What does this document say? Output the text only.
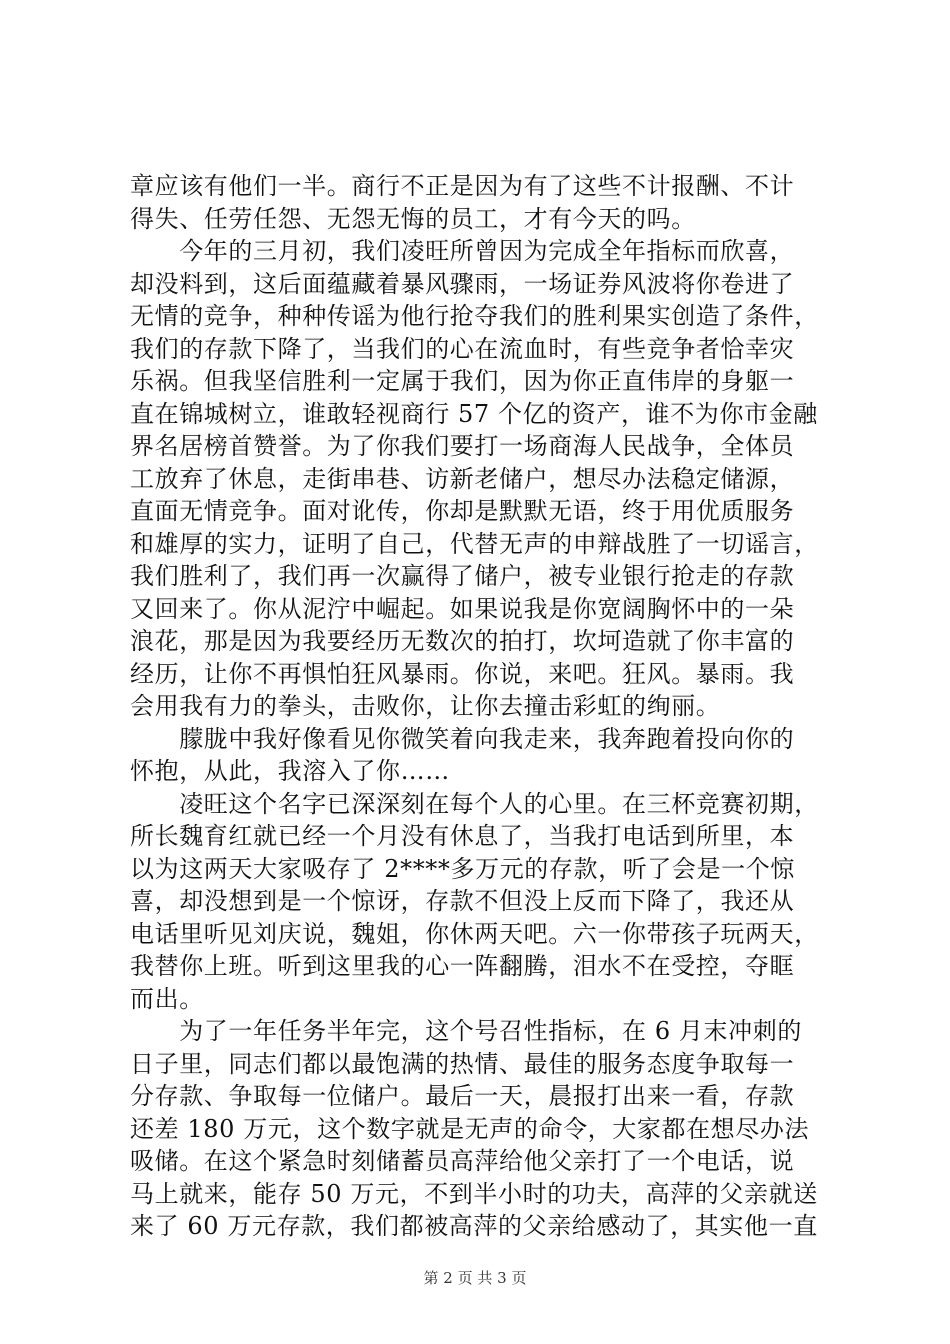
章应该有他们一半。商行不正是因为有了这些不计报酬、不计
得失、任劳任怨、无怨无悔的员工，才有今天的吗。
　　今年的三月初，我们凌旺所曾因为完成全年指标而欣喜，
却没料到，这后面蕴藏着暴风骤雨，一场证券风波将你卷进了
无情的竞争，种种传谣为他行抢夺我们的胜利果实创造了条件，
我们的存款下降了，当我们的心在流血时，有些竞争者恰幸灾
乐祸。但我坚信胜利一定属于我们，因为你正直伟岸的身躯一
直在锦城树立，谁敢轻视商行 57 个亿的资产，谁不为你市金融
界名居榜首赞誉。为了你我们要打一场商海人民战争，全体员
工放弃了休息，走街串巷、访新老储户，想尽办法稳定储源，
直面无情竞争。面对讹传，你却是默默无语，终于用优质服务
和雄厚的实力，证明了自己，代替无声的申辩战胜了一切谣言，
我们胜利了，我们再一次赢得了储户，被专业银行抢走的存款
又回来了。你从泥泞中崛起。如果说我是你宽阔胸怀中的一朵
浪花，那是因为我要经历无数次的拍打，坎坷造就了你丰富的
经历，让你不再惧怕狂风暴雨。你说，来吧。狂风。暴雨。我
会用我有力的拳头，击败你，让你去撞击彩虹的绚丽。
　　朦胧中我好像看见你微笑着向我走来，我奔跑着投向你的
怀抱，从此，我溶入了你……
　　凌旺这个名字已深深刻在每个人的心里。在三杯竞赛初期，
所长魏育红就已经一个月没有休息了，当我打电话到所里，本
以为这两天大家吸存了 2****多万元的存款，听了会是一个惊
喜，却没想到是一个惊讶，存款不但没上反而下降了，我还从
电话里听见刘庆说，魏姐，你休两天吧。六一你带孩子玩两天，
我替你上班。听到这里我的心一阵翻腾，泪水不在受控，夺眶
而出。
　　为了一年任务半年完，这个号召性指标，在 6 月末冲刺的
日子里，同志们都以最饱满的热情、最佳的服务态度争取每一
分存款、争取每一位储户。最后一天，晨报打出来一看，存款
还差 180 万元，这个数字就是无声的命令，大家都在想尽办法
吸储。在这个紧急时刻储蓄员高萍给他父亲打了一个电话，说
马上就来，能存 50 万元，不到半小时的功夫，高萍的父亲就送
来了 60 万元存款，我们都被高萍的父亲给感动了，其实他一直
第 2 页 共 3 页
